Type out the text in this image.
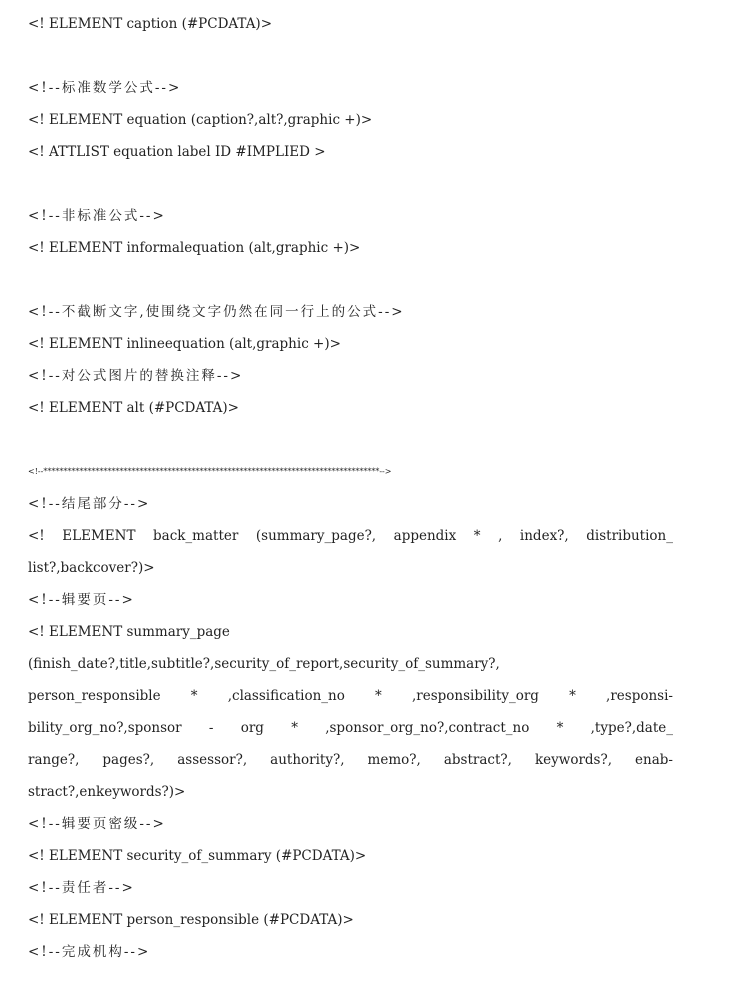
<! ELEMENT caption (#PCDATA)>
<!--标准数学公式-->
<! ELEMENT equation (caption?,alt?,graphic +)>
<! ATTLIST equation label ID #IMPLIED >
<!--非标准公式-->
<! ELEMENT informalequation (alt,graphic +)>
<!--不截断文字,使围绕文字仍然在同一行上的公式-->
<! ELEMENT inlineequation (alt,graphic +)>
<!--对公式图片的替换注释-->
<! ELEMENT alt (#PCDATA)>
<!--************************************************************************************-->
<!--结尾部分-->
<! ELEMENT back_matter (summary_page?, appendix * , index?, distribution_
list?,backcover?)>
<!--辑要页-->
<! ELEMENT summary_page
(finish_date?,title,subtitle?,security_of_report,security_of_summary?,
person_responsible * ,classification_no * ,responsibility_org * ,responsi-
bility_org_no?,sponsor - org * ,sponsor_org_no?,contract_no * ,type?,date_
range?, pages?, assessor?, authority?, memo?, abstract?, keywords?, enab-
stract?,enkeywords?)>
<!--辑要页密级-->
<! ELEMENT security_of_summary (#PCDATA)>
<!--责任者-->
<! ELEMENT person_responsible (#PCDATA)>
<!--完成机构-->
